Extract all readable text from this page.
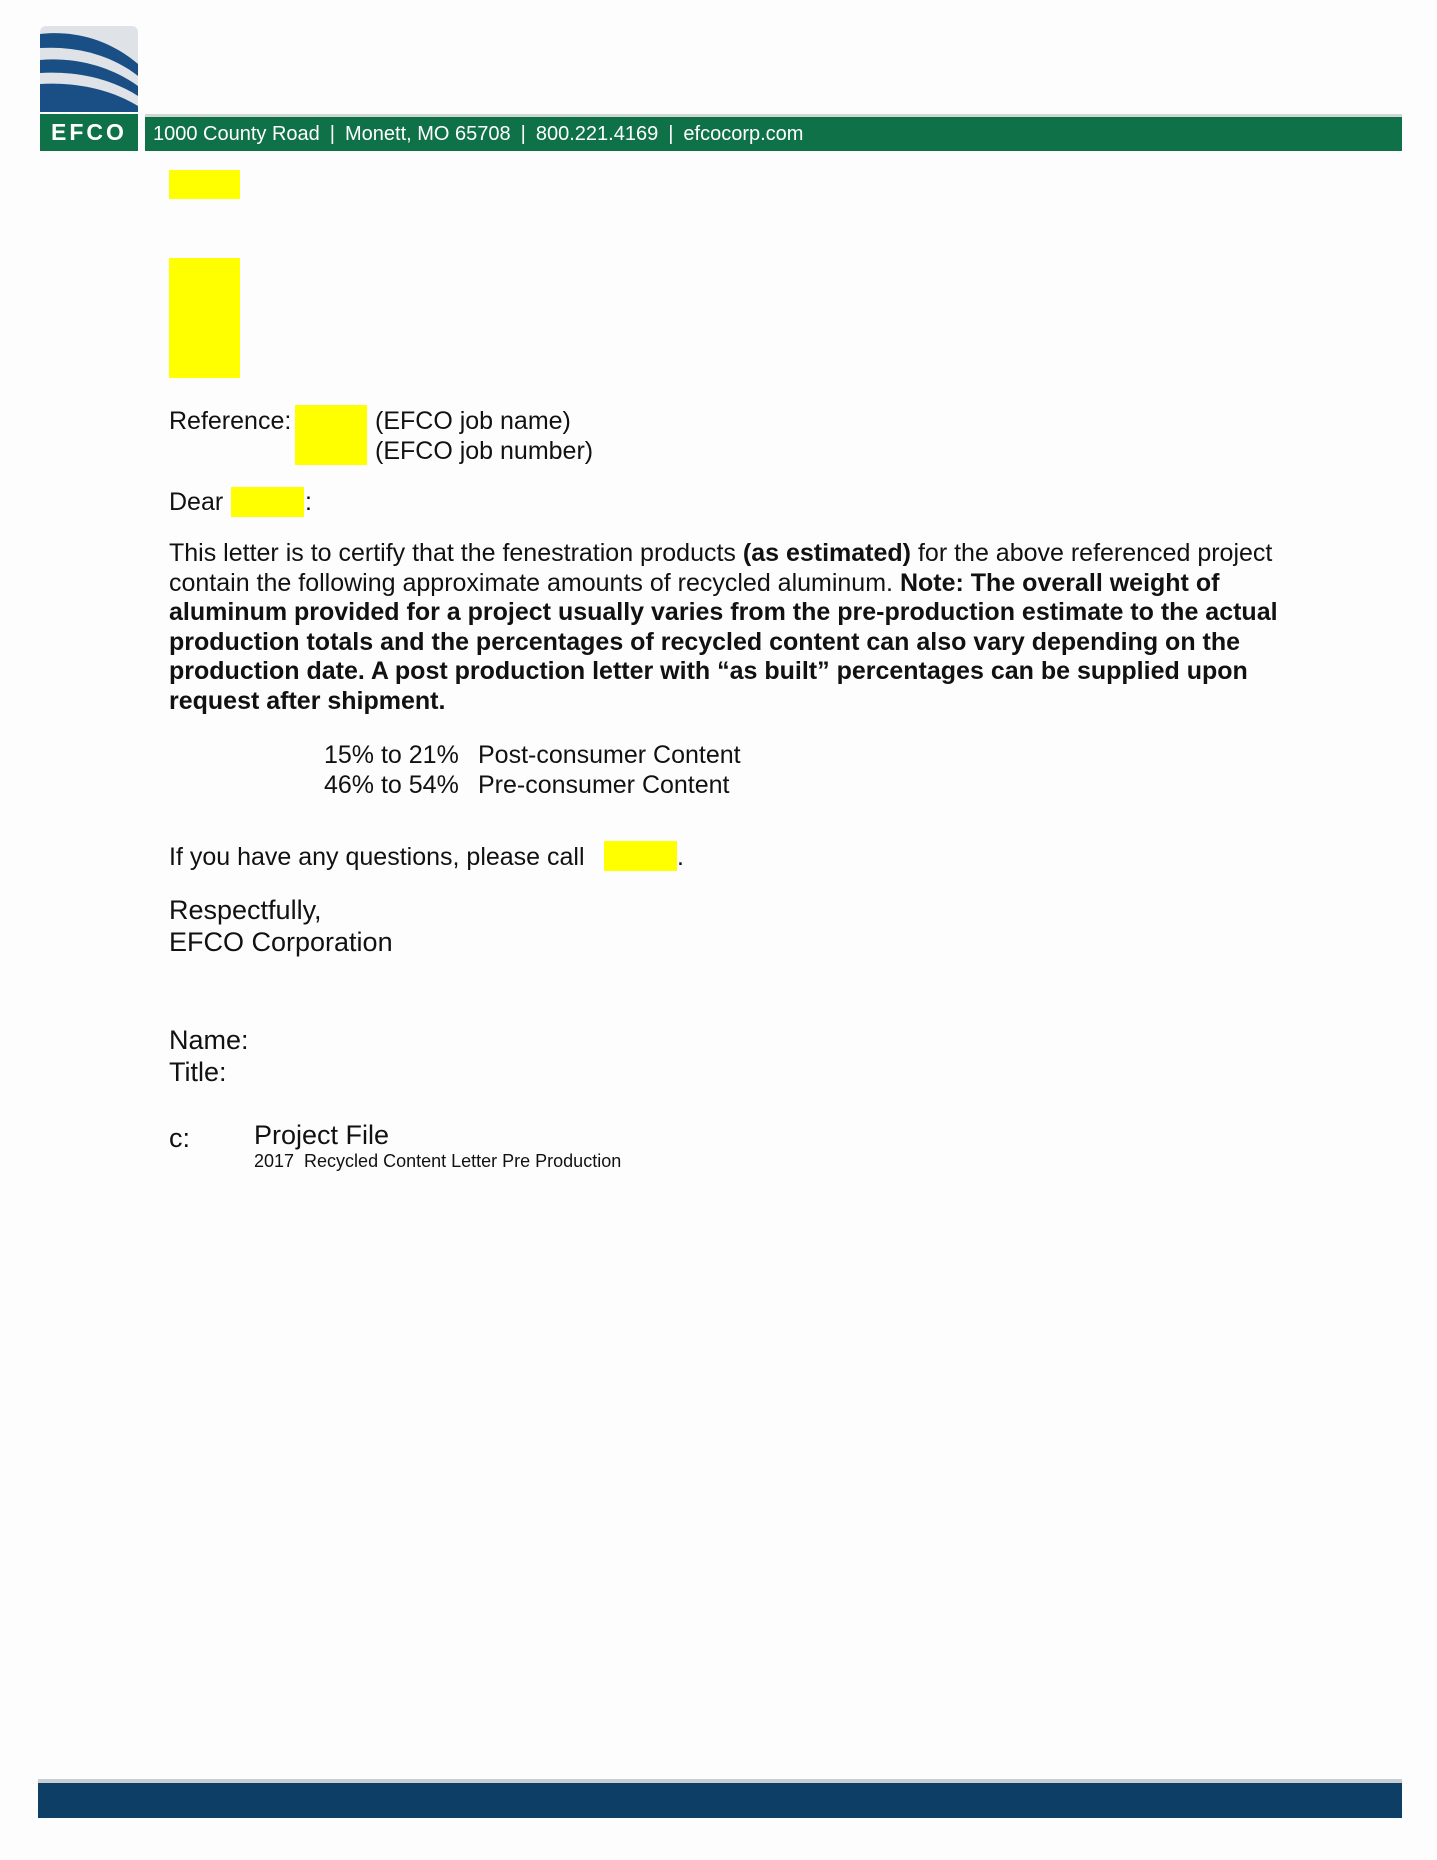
EFCO	1000 County Road | Monett, MO 65708 | 800.221.4169 | efcocorp.com
Reference:	(EFCO job name)
(EFCO job number)
Dear	:
This letter is to certify that the fenestration products (as estimated) for the above referenced project contain the following approximate amounts of recycled aluminum. Note: The overall weight of aluminum provided for a project usually varies from the pre-production estimate to the actual production totals and the percentages of recycled content can also vary depending on the production date. A post production letter with “as built” percentages can be supplied upon request after shipment.
15% to 21% Post-consumer Content
46% to 54% Pre-consumer Content
If you have any questions, please call	.
Respectfully,
EFCO Corporation
Name:
Title:
c: Project File
2017  Recycled Content Letter Pre Production
